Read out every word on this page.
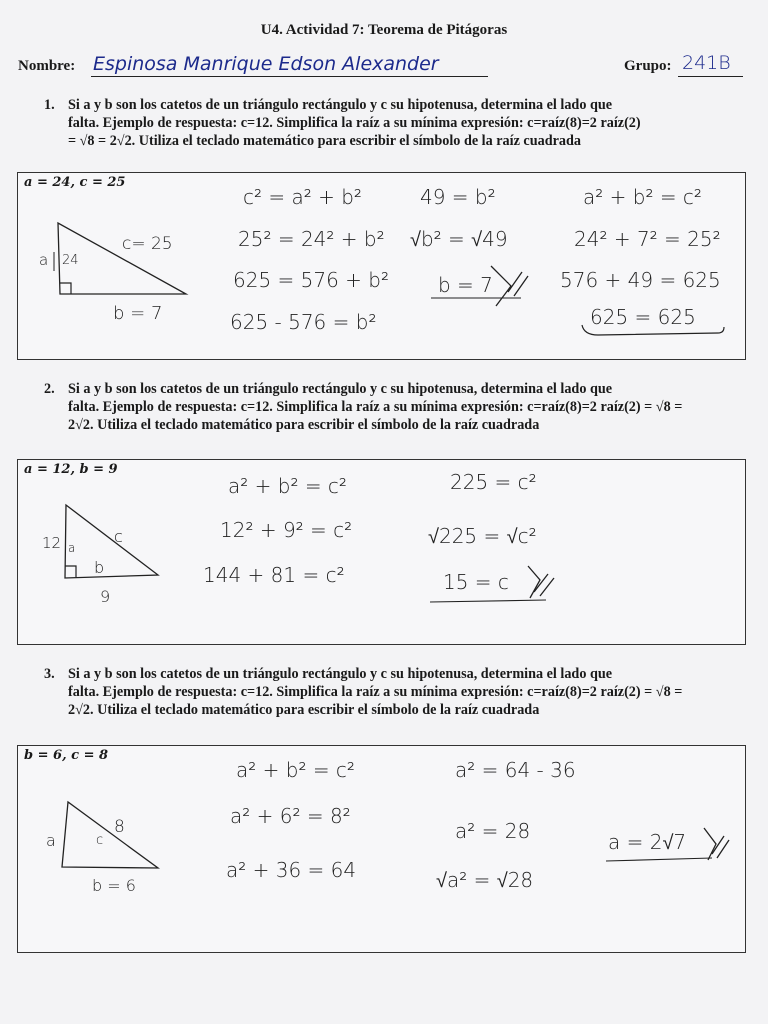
U4. Actividad 7: Teorema de Pitágoras
Nombre: Espinosa Manrique Edson Alexander	Grupo: 241B
1. Si a y b son los catetos de un triángulo rectángulo y c su hipotenusa, determina el lado que
falta. Ejemplo de respuesta: c=12. Simplifica la raíz a su mínima expresión: c=raíz(8)=2 raíz(2)
= √8 = 2√2. Utiliza el teclado matemático para escribir el símbolo de la raíz cuadrada
a = 24, c = 25
a 24
c= 25
b = 7
c² = a² + b²
25² = 24² + b²
625 = 576 + b²
625 - 576 = b²
49 = b²
√b² = √49
b = 7
a² + b² = c²
24² + 7² = 25²
576 + 49 = 625
625 = 625
2. Si a y b son los catetos de un triángulo rectángulo y c su hipotenusa, determina el lado que
falta. Ejemplo de respuesta: c=12. Simplifica la raíz a su mínima expresión: c=raíz(8)=2 raíz(2) = √8 =
2√2. Utiliza el teclado matemático para escribir el símbolo de la raíz cuadrada
a = 12, b = 9
12 a
c
b
9
a² + b² = c²
12² + 9² = c²
144 + 81 = c²
225 = c²
√225 = √c²
15 = c
3. Si a y b son los catetos de un triángulo rectángulo y c su hipotenusa, determina el lado que
falta. Ejemplo de respuesta: c=12. Simplifica la raíz a su mínima expresión: c=raíz(8)=2 raíz(2) = √8 =
2√2. Utiliza el teclado matemático para escribir el símbolo de la raíz cuadrada
b = 6, c = 8
a	c
8
b = 6
a² + b² = c²
a² + 6² = 8²
a² + 36 = 64
a² = 64 - 36
a² = 28
√a² = √28
a = 2√7
